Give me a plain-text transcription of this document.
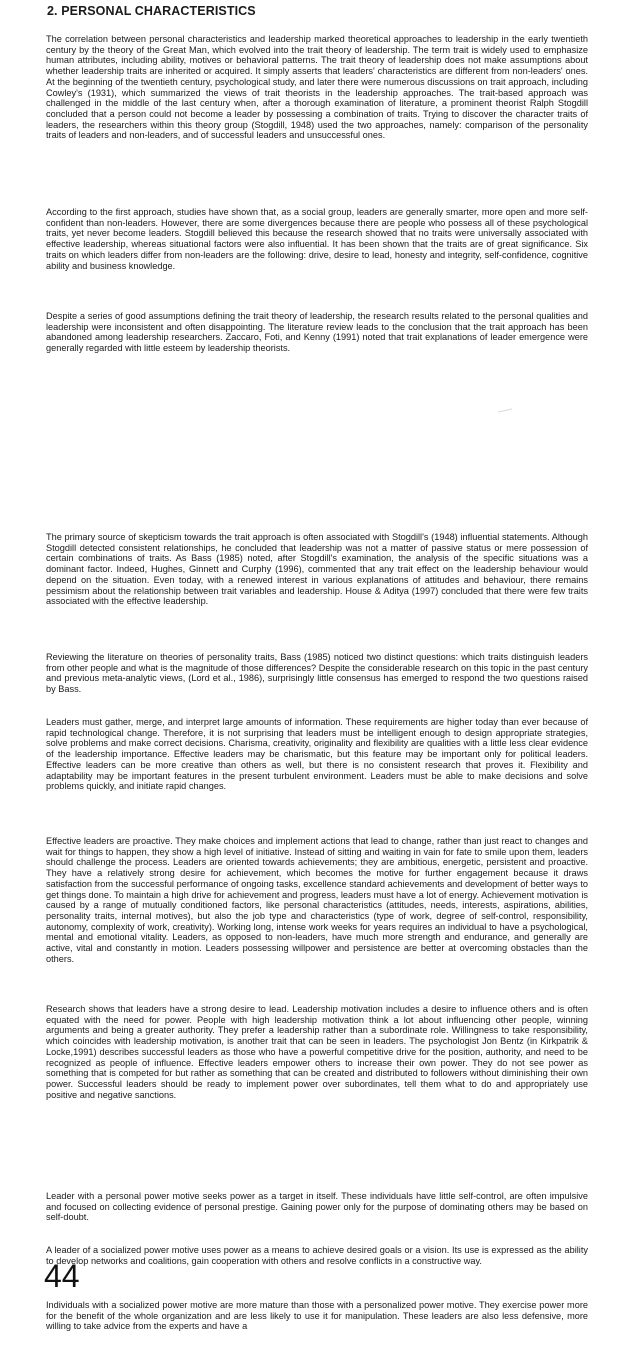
2. PERSONAL CHARACTERISTICS

The correlation between personal characteristics and leadership marked theoretical approaches to leadership in the early twentieth century by the theory of the Great Man, which evolved into the trait theory of leadership. The term trait is widely used to emphasize human attributes, including ability, motives or behavioral patterns. The trait theory of leadership does not make assumptions about whether leadership traits are inherited or acquired. It simply asserts that leaders' characteristics are different from non-leaders' ones. At the beginning of the twentieth century, psychological study, and later there were numerous discussions on trait approach, including Cowley's (1931), which summarized the views of trait theorists in the leadership approaches. The trait-based approach was challenged in the middle of the last century when, after a thorough examination of literature, a prominent theorist Ralph Stogdill concluded that a person could not become a leader by possessing a combination of traits. Trying to discover the character traits of leaders, the researchers within this theory group (Stogdill, 1948) used the two approaches, namely: comparison of the personality traits of leaders and non-leaders, and of successful leaders and unsuccessful ones.

According to the first approach, studies have shown that, as a social group, leaders are generally smarter, more open and more self-confident than non-leaders. However, there are some divergences because there are people who possess all of these psychological traits, yet never become leaders. Stogdill believed this because the research showed that no traits were universally associated with effective leadership, whereas situational factors were also influential. It has been shown that the traits are of great significance. Six traits on which leaders differ from non-leaders are the following: drive, desire to lead, honesty and integrity, self-confidence, cognitive ability and business knowledge.

Despite a series of good assumptions defining the trait theory of leadership, the research results related to the personal qualities and leadership were inconsistent and often disappointing. The literature review leads to the conclusion that the trait approach has been abandoned among leadership researchers. Zaccaro, Foti, and Kenny (1991) noted that trait explanations of leader emergence were generally regarded with little esteem by leadership theorists.

The primary source of skepticism towards the trait approach is often associated with Stogdill's (1948) influential statements. Although Stogdill detected consistent relationships, he concluded that leadership was not a matter of passive status or mere possession of certain combinations of traits. As Bass (1985) noted, after Stogdill's examination, the analysis of the specific situations was a dominant factor. Indeed, Hughes, Ginnett and Curphy (1996), commented that any trait effect on the leadership behaviour would depend on the situation. Even today, with a renewed interest in various explanations of attitudes and behaviour, there remains pessimism about the relationship between trait variables and leadership. House & Aditya (1997) concluded that there were few traits associated with the effective leadership.

Reviewing the literature on theories of personality traits, Bass (1985) noticed two distinct questions: which traits distinguish leaders from other people and what is the magnitude of those differences? Despite the considerable research on this topic in the past century and previous meta-analytic views, (Lord et al., 1986), surprisingly little consensus has emerged to respond the two questions raised by Bass.

Leaders must gather, merge, and interpret large amounts of information. These requirements are higher today than ever because of rapid technological change. Therefore, it is not surprising that leaders must be intelligent enough to design appropriate strategies, solve problems and make correct decisions. Charisma, creativity, originality and flexibility are qualities with a little less clear evidence of the leadership importance. Effective leaders may be charismatic, but this feature may be important only for political leaders. Effective leaders can be more creative than others as well, but there is no consistent research that proves it. Flexibility and adaptability may be important features in the present turbulent environment. Leaders must be able to make decisions and solve problems quickly, and initiate rapid changes.

Effective leaders are proactive. They make choices and implement actions that lead to change, rather than just react to changes and wait for things to happen, they show a high level of initiative. Instead of sitting and waiting in vain for fate to smile upon them, leaders should challenge the process. Leaders are oriented towards achievements; they are ambitious, energetic, persistent and proactive. They have a relatively strong desire for achievement, which becomes the motive for further engagement because it draws satisfaction from the successful performance of ongoing tasks, excellence standard achievements and development of better ways to get things done. To maintain a high drive for achievement and progress, leaders must have a lot of energy. Achievement motivation is caused by a range of mutually conditioned factors, like personal characteristics (attitudes, needs, interests, aspirations, abilities, personality traits, internal motives), but also the job type and characteristics (type of work, degree of self-control, responsibility, autonomy, complexity of work, creativity). Working long, intense work weeks for years requires an individual to have a psychological, mental and emotional vitality. Leaders, as opposed to non-leaders, have much more strength and endurance, and generally are active, vital and constantly in motion. Leaders possessing willpower and persistence are better at overcoming obstacles than the others.

Research shows that leaders have a strong desire to lead. Leadership motivation includes a desire to influence others and is often equated with the need for power. People with high leadership motivation think a lot about influencing other people, winning arguments and being a greater authority. They prefer a leadership rather than a subordinate role. Willingness to take responsibility, which coincides with leadership motivation, is another trait that can be seen in leaders. The psychologist Jon Bentz (in Kirkpatrik & Locke,1991) describes successful leaders as those who have a powerful competitive drive for the position, authority, and need to be recognized as people of influence. Effective leaders empower others to increase their own power. They do not see power as something that is competed for but rather as something that can be created and distributed to followers without diminishing their own power. Successful leaders should be ready to implement power over subordinates, tell them what to do and appropriately use positive and negative sanctions.

Leader with a personal power motive seeks power as a target in itself. These individuals have little self-control, are often impulsive and focused on collecting evidence of personal prestige. Gaining power only for the purpose of dominating others may be based on self-doubt.

A leader of a socialized power motive uses power as a means to achieve desired goals or a vision. Its use is expressed as the ability to develop networks and coalitions, gain cooperation with others and resolve conflicts in a constructive way.

44

Individuals with a socialized power motive are more mature than those with a personalized power motive. They exercise power more for the benefit of the whole organization and are less likely to use it for manipulation. These leaders are also less defensive, more willing to take advice from the experts and have a
